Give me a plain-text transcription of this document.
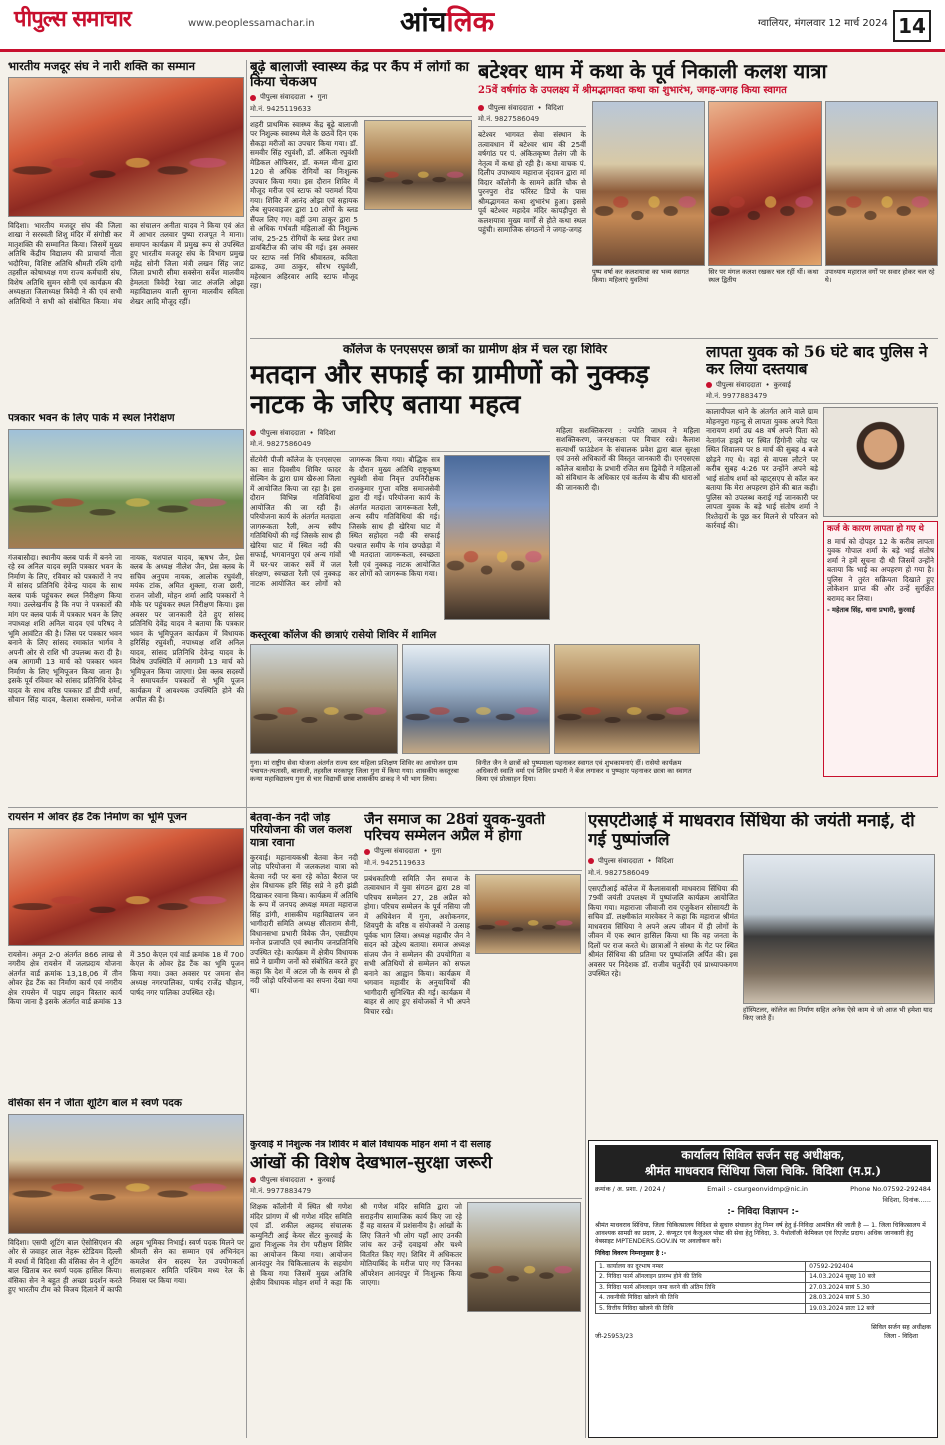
पीपुल्स समाचार	www.peoplessamachar.in	आंचलिक	ग्वालियर, मंगलवार 12 मार्च 2024 14
भारतीय मजदूर संघ ने नारी शक्ति का सम्मान
विदिशा। भारतीय मजदूर संघ की जिला शाखा ने सरस्वती शिशु मंदिर में संगोष्ठी कर मातृशक्ति की सम्मानित किया। जिसमें मुख्य अतिथि केंद्रीय विद्यालय की प्राचार्या नीता भदौरिया, विशिष्ट अतिथि श्रीमती रश्मि दांगी तहसील कोषाध्यक्ष गण राज्य कर्मचारी संघ, विशेष अतिथि सुमन सोनी एवं कार्यक्रम की अध्यक्षता जिलाध्यक्ष त्रिवेदी ने की एवं सभी अतिथियों ने सभी को संबोधित किया। मंच का संचालन अनीता यादव ने किया एवं अंत में आभार तलवार पुष्पा राजपूत ने माना। समापन कार्यक्रम में प्रमुख रूप से उपस्थित हुए भारतीय मजदूर संघ के विभाग प्रमुख महेंद्र सोनी जिला मंत्री लखन सिंह जाट जिला प्रभारी सीमा सक्सेना सर्वेश मालवीय हेमलता त्रिवेदी रेखा जाट अंजलि ओझा महाविद्यालय वाली सुगना मालवीय सविता शेखर आदि मौजूद रहीं।
बूढ़े बालाजी स्वास्थ्य केंद्र पर कैंप में लोगों का किया चेकअप
पीपुल्स संवाददाता • गुना
मो.नं. 9425119633
शहरी प्राथमिक स्वास्थ्य केंद्र बूढ़े बालाजी पर निशुल्क स्वास्थ्य मेले के छठवें दिन एक सैकड़ा मरीजों का उपचार किया गया। डॉ. समवीर सिंह रघुवंशी, डॉ. अंकिता रघुवंशी मेडिकल ऑफिसर, डॉ. कमल मीना द्वारा 120 से अधिक रोगियों का निःशुल्क उपचार किया गया। इस दौरान शिविर में मौजूद मरीज एवं स्टाफ को परामर्श दिया गया। शिविर में आनंद ओझा एवं सहायक लैब सुपरवाइजर द्वारा 10 लोगों के ब्लड सैंपल लिए गए। वहीं उमा ठाकुर द्वारा 5 से अधिक गर्भवती महिलाओं की निशुल्क जांच, 25-25 रोगियों के ब्लड प्रेशर तथा डायबिटीज की जांच की गई। इस अवसर पर स्टाफ नर्स निधि श्रीवास्तव, कविता ढाकड़, उमा ठाकुर, सौरभ रघुवंशी, महेरबान अहिरवार आदि स्टाफ मौजूद रहा।
बटेश्वर धाम में कथा के पूर्व निकाली कलश यात्रा
25वें वर्षगांठ के उपलक्ष्य में श्रीमद्भागवत कथा का शुभारंभ, जगह-जगह किया स्वागत
पीपुल्स संवाददाता • विदिशा
मो.नं. 9827586049
बटेश्वर भागवत सेवा संस्थान के तत्वावधान में बटेश्वर धाम की 25वीं वर्षगांठ पर पं. अंकितकृष्ण तैलंग जी के नेतृत्व में कथा हो रही है। कथा वाचक पं. दिलीप उपाध्याय महाराज वृंदावन द्वारा मां विदार कॉलोनी के सामने क्रांति चौक से पुरनपुरा रोड फॉरेस्ट डिपो के पास श्रीमद्भागवत कथा शुभारंभ हुआ। इससे पूर्व बटेश्वर महादेव मंदिर कापड़ीपुरा से कलशयात्रा मुख्य मार्गों से होते कथा स्थल पहुंची। सामाजिक संगठनों ने जगह-जगह
पुष्प वर्षा कर कलशयात्रा का भव्य स्वागत किया। महिलाएं युवतियां
सिर पर मंगल कलश रखकर चल रहीं थीं। कथा स्थल द्वितीय
उपाध्याय महाराज वर्गों पर सवार होकर चल रहे थे।
पत्रकार भवन के लिए पार्क में स्थल निरीक्षण
गंजबासौदा। स्थानीय क्लब पार्क में बनने जा रहे स्व अनिल यादव स्मृति पत्रकार भवन के निर्माण के लिए, रविवार को पत्रकारों ने नप में सांसद प्रतिनिधि देवेन्द्र यादव के साथ क्लब पार्क पहुंचकर स्थल निरीक्षण किया गया। उल्लेखनीय है कि नपा ने पत्रकारों की मांग पर क्लब पार्क में पत्रकार भवन के लिए नपाध्यक्ष शशि अनिल यादव एवं परिषद ने भूमि आवंटित की है। जिस पर पत्रकार भवन बनाने के लिए सांसद रमाकांत भार्गव ने अपनी ओर से राशि भी उपलब्ध करा दी है। अब आगामी 13 मार्च को पत्रकार भवन निर्माण के लिए भूमिपूजन किया जाना है। इसके पूर्व रविवार को सांसद प्रतिनिधि देवेन्द्र यादव के साथ वरिष्ठ पत्रकार डॉ डीपी शर्मा, सौवान सिंह यादव, कैलाश सक्सेना, मनोज नायक, यशपाल यादव, ऋषभ जैन, प्रेस क्लब के अध्यक्ष नीलेश जैन, प्रेस क्लब के सचिव अनुपम नायक, आलोक रघुवंशी, मयंक टांक, अमित शुक्ला, राजा छारी, राजन जोशी, मोहन शर्मा आदि पत्रकारों ने मौके पर पहुंचकर स्थल निरीक्षण किया। इस अवसर पर जानकारी देते हुए सांसद प्रतिनिधि देवेंद्र यादव ने बताया कि पत्रकार भवन के भूमिपूजन कार्यक्रम में विधायक हरिसिंह रघुवंशी, नपाध्यक्ष शशि अनिल यादव, सांसद प्रतिनिधि देवेन्द्र यादव के विशेष उपस्थिति में आगामी 13 मार्च को भूमिपूजन किया जाएगा। प्रेस क्लब सदस्यों ने समापवर्तन पत्रकारों से भूमि पूजन कार्यक्रम में आवश्यक उपस्थिति होने की अपील की है।
कॉलेज के एनएसएस छात्रों का ग्रामीण क्षेत्र में चल रहा शिविर
मतदान और सफाई का ग्रामीणों को नुक्कड़ नाटक के जरिए बताया महत्व
पीपुल्स संवाददाता • विदिशा
मो.नं. 9827586049
सेंटमेरी पीजी कॉलेज के एनएसएस का सात दिवसीय शिविर फादर सेल्विन के द्वारा ग्राम खैरुआ जिला में आयोजित किया जा रहा है। इस दौरान विभिन्न गतिविधियां आयोजित की जा रही हैं। परियोजना कार्य के अंतर्गत मतदाता जागरूकता रैली, अन्य स्वीप गतिविधियों की गई जिसके साथ ही खेरिया घाट में स्थित नदी की सफाई, भगवानपुरा एवं अन्य गांवों में घर-घर जाकर सर्वे में जल संरक्षण, स्वच्छता रैली एवं नुक्कड़ नाटक आयोजित कर लोगों को जागरूक किया गया। बौद्धिक सत्र के दौरान मुख्य अतिथि राष्ट्रकृष्ण रघुवंशी सेवा निवृत्त उपनिरीक्षक राजकुमार गुप्ता वरिष्ठ समाजसेवी द्वारा दी गई। परियोजना कार्य के अंतर्गत मतदाता जागरूकता रैली, अन्य स्वीप गतिविधियां की गई। जिसके साथ ही खेरिया घाट में स्थित सहोदरा नदी की सफाई पश्चात समीप के गांव छपछेड़ा में भी मतदाता जागरूकता, स्वच्छता रैली एवं नुक्कड़ नाटक आयोजित कर लोगों को जागरूक किया गया।
महिला सशक्तिकरण : ज्योति जाधव ने महिला सशक्तिकरण, जनरक्षकता पर विचार रखे। कैलाश सत्यार्थी फाउंडेशन के संचालक प्रवेश द्वारा बाल सुरक्षा एवं उनसे अधिकारों की विस्तृत जानकारी दी। एनएसएस कॉलेज बासौदा के प्रभारी रजित सम द्विवेदी ने महिलाओं को संविधान के अधिकार एवं कर्तव्य के बीच की धाराओं की जानकारी दी।
कस्तूरबा कॉलेज की छात्राएं रासेयो शिविर में शामिल
गुना। मां राष्ट्रीय सेवा योजना अंतर्गत राज्य स्तर महिला प्रशिक्षण शिविर का आयोजन ग्राम पंचायत-त्यतासी, बालाजी, तहसील मरकापूर जिला गुना में किया गया। शासकीय कस्तूरबा कन्या महाविद्यालय गुना से चार विद्यार्थी छात्रा शासकीय ढाकड़ ने भी भाग लिया।
विनीत जैन ने छात्रों को पुष्पमाला पहनाकर स्वागत एवं शुभकामनाएं दीं। रासेयो कार्यक्रम अधिकारी स्वाति वर्मा एवं शिविर प्रभारी ने बेंज लगाकर व पुष्पहार पहनाकर छात्रा का स्वागत किया एवं प्रोत्साहन दिया।
लापता युवक को 56 घंटे बाद पुलिस ने कर लिया दस्तयाब
पीपुल्स संवाददाता • कुरवाई
मो.नं. 9977883479
कालापीपल थाने के अंतर्गत आने वाले ग्राम मोहनपुरा गहन्दु से लापता युवक अपने पिता नारायण शर्मा उम्र 48 वर्ष अपने पिता को नेतागंज हाइवे पर स्थित हिंगोनी जोड़ पर स्थित शिवालय पर 8 मार्च की सुबह 4 बजे छोड़ने गए थे। वहां से वापस लौटने पर करीब सुबह 4:26 पर उन्होंने अपने बड़े भाई संतोष शर्मा को व्हाट्सएप से कॉल कर बताया कि मेरा अपहरण होने की बात कही। पुलिस को उपलब्ध कराई गई जानकारी पर लापता युवक के बड़े भाई संतोष शर्मा ने रिश्तेदारों के पूछ कर मिलने से परिजन को कार्रवाई की।	कर्ज के कारण लापता हो गए थे
8 मार्च को दोपहर 12 के करीब लापता युवक गोपाल शर्मा के बड़े भाई संतोष शर्मा ने हमें सूचना दी थी जिसमें उन्होंने बताया कि भाई का अपहरण हो गया है। पुलिस ने तुरंत सक्रियता दिखाते हुए लोकेशन प्राप्त की और उन्हें सुरक्षित बरामद कर लिया।
- महेताब सिंह, थाना प्रभारी, कुरवाई
रायसेन में ओवर हेड टैंक निर्माण का भूमि पूजन
रायसेन। अमृत 2-0 अंतर्गत 866 लाख से नगरीय क्षेत्र रायसेन में जलप्रदाय योजना अंतर्गत वार्ड क्रमांक 13,18,06 में तीन ओवर हेड टैंक का निर्माण कार्य एवं नगरीय क्षेत्र रायसेन में पाइप लाइन विस्तार कार्य किया जाना है इसके अंतर्गत वार्ड क्रमांक 13 में 350 केएल एवं वार्ड क्रमांक 18 में 700 केएल के ओवर हेड टैंक का भूमि पूजन किया गया। उक्त अवसर पर जमना सेन अध्यक्ष नगरपालिका, पार्षद राजेंद्र चौहान, पार्षद नगर पालिका उपस्थित रहे।
बेतवा-केन नदी जोड़ परियोजना की जल कलश यात्रा रवाना
कुरवाई। महानायकश्री बेतवा केन नदी जोड़ परियोजना में जलकलश यात्रा को बेतवा नदी पर बना रहे कोठा बैराज पर क्षेत्र विधायक हरि सिंह सप्रे ने हरी झंडी दिखाकर रवाना किया। कार्यक्रम में अतिथि के रूप में जनपद अध्यक्ष ममता महाराज सिंह डांगी, शासकीय महाविद्यालय जन भागीदारी समिति अध्यक्ष सीताराम सैनी, विधानसभा प्रभारी विवेक जैन, एसडीएम मनोज प्रजापति एवं स्थानीय जनप्रतिनिधि उपस्थित रहे। कार्यक्रम में क्षेत्रीय विधायक सप्रे ने ग्रामीण जनों को संबोधित करते हुए कहा कि देश में अटल जी के समय से ही नदी जोड़ो परियोजना का सपना देखा गया था।
जैन समाज का 28वां युवक-युवती परिचय सम्मेलन अप्रैल में होगा
पीपुल्स संवाददाता • गुना
मो.नं. 9425119633
प्रबंधकारिणी समिति जैन समाज के तत्वावधान में युवा संगठन द्वारा 28 वां परिचय सम्मेलन 27, 28 अप्रैल को होगा। परिचय सम्मेलन के पूर्व नसिया जी में अधिवेशन में गुना, अशोकनगर, शिवपुरी के वरिष्ठ व संयोजकों ने उत्साह पूर्वक भाग लिया। अध्यक्ष महावीर जैन ने सदन को उद्देश्य बताया। समाज अध्यक्ष संजय जैन ने सम्मेलन की उपयोगिता व सभी अतिथियों से सम्मेलन को सफल बनाने का आह्वान किया। कार्यक्रम में भगवान महावीर के अनुयायियों की भागीदारी सुनिश्चित की गई। कार्यक्रम में बाहर से आए हुए संयोजकों ने भी अपने विचार रखे।
एसएटीआई में माधवराव सिंधिया की जयंती मनाई, दी गई पुष्पांजलि
पीपुल्स संवाददाता • विदिशा
मो.नं. 9827586049
एसएटीआई कॉलेज में कैलासवासी माधवराव सिंधिया की 79वीं जयंती उपलक्ष्य में पुष्पांजलि कार्यक्रम आयोजित किया गया। महाराजा जीवाजी राव एजुकेशन सोसायटी के सचिव डॉ. लक्ष्मीकांत मारवेकर ने कहा कि महाराज श्रीमंत माधवराव सिंधिया ने अपने अल्प जीवन में ही लोगों के जीवन में एक स्थान हासिल किया था कि वह जनता के दिलों पर राज करते थे। छात्राओं ने संस्था के गेट पर स्थित श्रीमंत सिंधिया की प्रतिमा पर पुष्पांजलि अर्पित की। इस अवसर पर निदेशक डॉ. राजीव चतुर्वेदी एवं प्राध्यापकगण उपस्थित रहे।
हॉस्पिटलर, कॉलेज का निर्माण सहित अनेक ऐसे काम थे जो आज भी हमेशा याद किए जाते हैं।
वंसिका सेन ने जीता शूटिंग बाल में स्वर्ण पदक
विदिशा। एसपी शूटिंग बाल ऐसोसिएशन की ओर से जवाहर लाल नेहरू स्टेडियम दिल्ली में स्पर्धा में विदिशा की वंसिका सेन ने शूटिंग बाल खिताब कर स्वर्ण पदक हासिल किया। वंसिका सेन ने बहुत ही अच्छा प्रदर्शन करते हुए भारतीय टीम को विजय दिलाने में काफी अहम भूमिका निभाई। स्वर्ण पदक मिलने पर श्रीमती सेन का सम्मान एवं अभिनंदन कमलेश सेन सदस्य रेल उपयोगकर्ता सलाहकार समिति पश्चिम मध्य रेल के निवास पर किया गया।
कुरवाई में निशुल्क नेत्र शिविर में बोले विधायक मोहन शर्मा ने दी सलाह
आंखों की विशेष देखभाल-सुरक्षा जरूरी
पीपुल्स संवाददाता • कुरवाई
मो.नं. 9977883479
शिक्षक कॉलोनी में स्थित श्री गणेश मंदिर प्रांगण में श्री गणेश मंदिर समिति एवं डॉ. शकील अहमद संचालक कम्युनिटी आई केयर सेंटर कुरवाई के द्वारा निःशुल्क नेत्र रोग परीक्षण शिविर का आयोजन किया गया। आयोजन आनंदपुर नेत्र चिकित्सालय के सहयोग से किया गया जिसमें मुख्य अतिथि क्षेत्रीय विधायक मोहन शर्मा ने कहा कि श्री गणेश मंदिर समिति द्वारा जो सराहनीय सामाजिक कार्य किए जा रहे हैं वह वास्तव में प्रशंसनीय है। आंखों के लिए जितने भी लोग यहाँ आए उनकी जांच कर उन्हें दवाइयां और चश्मे वितरित किए गए। शिविर में अधिकतर मोतियाबिंद के मरीज पाए गए जिनका ऑपरेशन आनंदपुर में निःशुल्क किया जाएगा।
कार्यालय सिविल सर्जन सह अधीक्षक,
श्रीमंत माधवराव सिंधिया जिला चिकि. विदिशा (म.प्र.)
क्रमांक / अ. प्रशा. / 2024 /	Email :- csurgeonvidmp@nic.in	Phone No.07592-292484
विदिशा, दिनांक......
:- निविदा विज्ञापन :-
श्रीमंत माधवराव सिंधिया, जिला चिकित्सालय विदिशा से सुचारु संचालन हेतु निम्न वर्ष हेतु ई-निविदा आमंत्रित की जाती है — 1. जिला चिकित्सालय में आवश्यक सामग्री का प्रदाय, 2. कंप्यूटर एवं कैजुअल पोस्ट की सेवा हेतु निविदा, 3. पैथोलॉजी केमिकल एवं रिएजेंट प्रदाय। अधिक जानकारी हेतु वेबसाइट MPTENDERS.GOV.IN पर अवलोकन करें।
निविदा विवरण निम्नानुसार है :-
1. कार्यालय का दूरभाष नम्बर	07592-292404
2. निविदा फार्म ऑनलाइन प्रारम्भ होने की तिथि	14.03.2024 सुबह 10 बजे
3. निविदा फार्म ऑनलाइन जमा करने की अंतिम तिथि	27.03.2024 सायं 5.30
4. तकनीकी निविदा खोलने की तिथि	28.03.2024 सायं 5.30
5. वित्तीय निविदा खोलने की तिथि	19.03.2024 प्रातः 12 बजे
जी-25953/23
सिविल सर्जन सह अधीक्षक
जिला - विदिशा
